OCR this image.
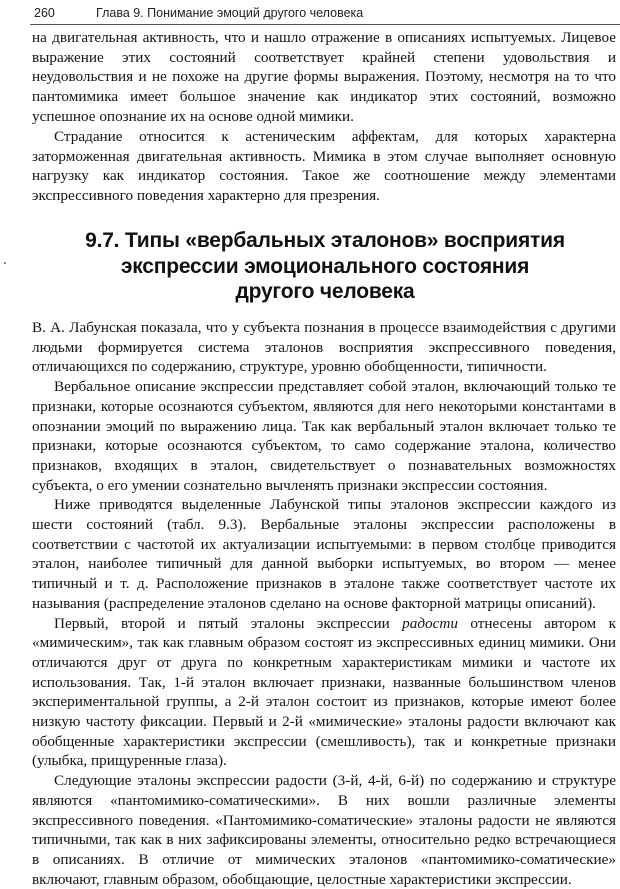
260	Глава 9. Понимание эмоций другого человека

на двигательная активность, что и нашло отражение в описаниях испытуемых. Лицевое выражение этих состояний соответствует крайней степени удовольствия и неудовольствия и не похоже на другие формы выражения. Поэтому, несмотря на то что пантомимика имеет большое значение как индикатор этих состояний, возможно успешное опознание их на основе одной мимики.

Страдание относится к астеническим аффектам, для которых характерна заторможенная двигательная активность. Мимика в этом случае выполняет основную нагрузку как индикатор состояния. Такое же соотношение между элементами экспрессивного поведения характерно для презрения.

9.7. Типы «вербальных эталонов» восприятия
экспрессии эмоционального состояния
другого человека

В. А. Лабунская показала, что у субъекта познания в процессе взаимодействия с другими людьми формируется система эталонов восприятия экспрессивного поведения, отличающихся по содержанию, структуре, уровню обобщенности, типичности.

Вербальное описание экспрессии представляет собой эталон, включающий только те признаки, которые осознаются субъектом, являются для него некоторыми константами в опознании эмоций по выражению лица. Так как вербальный эталон включает только те признаки, которые осознаются субъектом, то само содержание эталона, количество признаков, входящих в эталон, свидетельствует о познавательных возможностях субъекта, о его умении сознательно вычленять признаки экспрессии состояния.

Ниже приводятся выделенные Лабунской типы эталонов экспрессии каждого из шести состояний (табл. 9.3). Вербальные эталоны экспрессии расположены в соответствии с частотой их актуализации испытуемыми: в первом столбце приводится эталон, наиболее типичный для данной выборки испытуемых, во втором — менее типичный и т. д. Расположение признаков в эталоне также соответствует частоте их называния (распределение эталонов сделано на основе факторной матрицы описаний).

Первый, второй и пятый эталоны экспрессии радости отнесены автором к «мимическим», так как главным образом состоят из экспрессивных единиц мимики. Они отличаются друг от друга по конкретным характеристикам мимики и частоте их использования. Так, 1-й эталон включает признаки, названные большинством членов экспериментальной группы, а 2-й эталон состоит из признаков, которые имеют более низкую частоту фиксации. Первый и 2-й «мимические» эталоны радости включают как обобщенные характеристики экспрессии (смешливость), так и конкретные признаки (улыбка, прищуренные глаза).

Следующие эталоны экспрессии радости (3-й, 4-й, 6-й) по содержанию и структуре являются «пантомимико-соматическими». В них вошли различные элементы экспрессивного поведения. «Пантомимико-соматические» эталоны радости не являются типичными, так как в них зафиксированы элементы, относительно редко встречающиеся в описаниях. В отличие от мимических эталонов «пантомимико-соматические» включают, главным образом, обобщающие, целостные характеристики экспрессии.
